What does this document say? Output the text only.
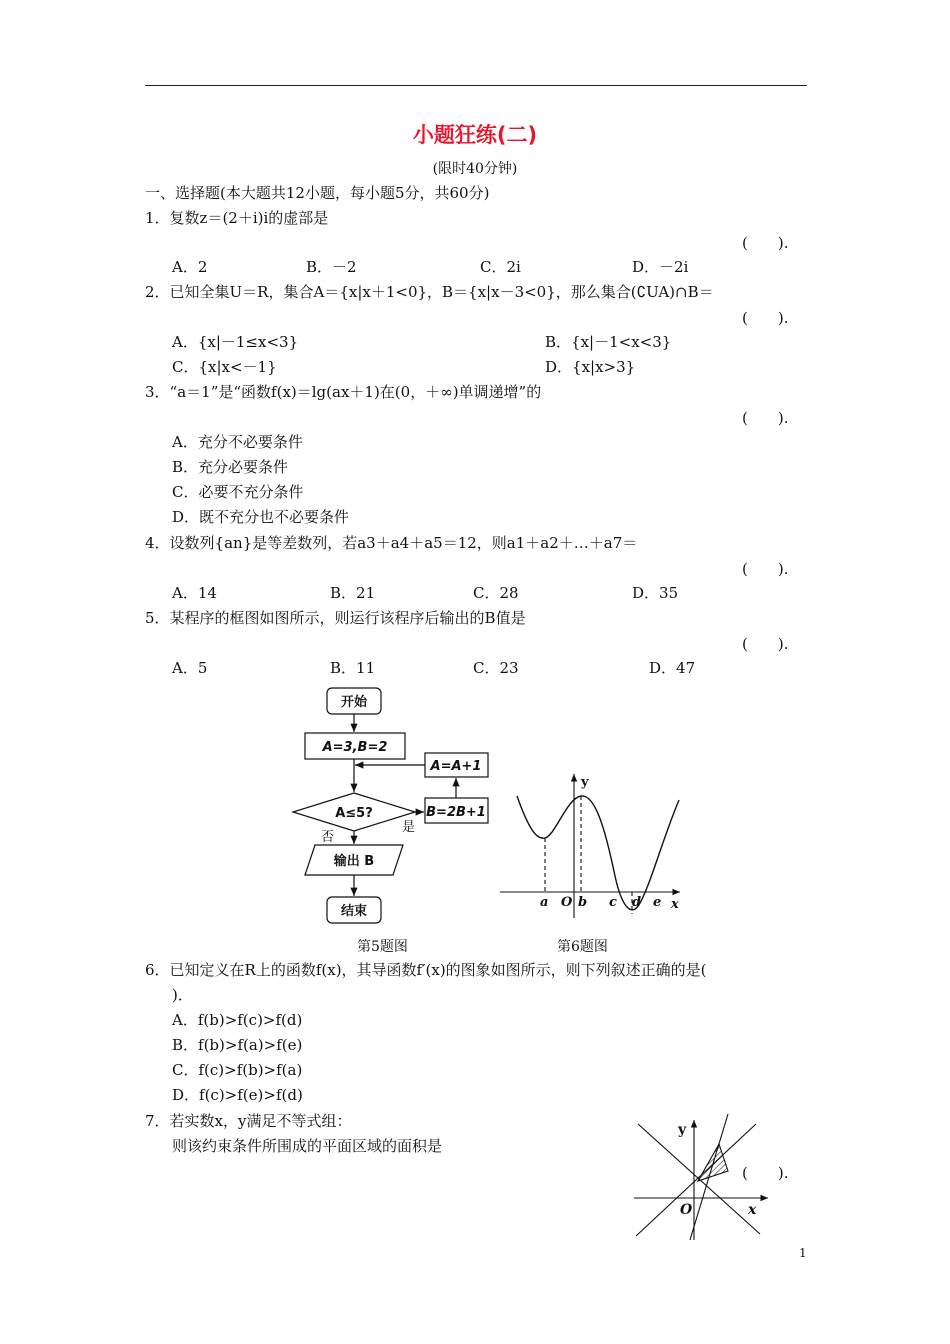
小题狂练(二)
(限时40分钟)
一、选择题(本大题共12小题，每小题5分，共60分)
1．复数z＝(2＋i)i的虚部是
(　　).
A．2	B．－2	C．2i	D．－2i
2．已知全集U＝R，集合A＝{x|x＋1<0}，B＝{x|x－3<0}，那么集合(∁UA)∩B＝
(　　).
A．{x|－1≤x<3}	B．{x|－1<x<3}
C．{x|x<－1}	D．{x|x>3}
3．“a＝1”是“函数f(x)＝lg(ax＋1)在(0，＋∞)单调递增”的
(　　).
A．充分不必要条件
B．充分必要条件
C．必要不充分条件
D．既不充分也不必要条件
4．设数列{an}是等差数列，若a3＋a4＋a5＝12，则a1＋a2＋…＋a7＝
(　　).
A．14	B．21	C．28	D．35
5．某程序的框图如图所示，则运行该程序后输出的B值是
(　　).
A．5	B．11	C．23	D．47
开始
A=3,B=2
A=A+1
A≤5?	B=2B+1
输出 B
结束
否
是
第5题图
y
x
O
a b c d e
第6题图
6．已知定义在R上的函数f(x)，其导函数f′(x)的图象如图所示，则下列叙述正确的是(
)．
A．f(b)>f(c)>f(d)
B．f(b)>f(a)>f(e)
C．f(c)>f(b)>f(a)
D．f(c)>f(e)>f(d)
7．若实数x，y满足不等式组：
则该约束条件所围成的平面区域的面积是
(　　).
y
x
O
1
